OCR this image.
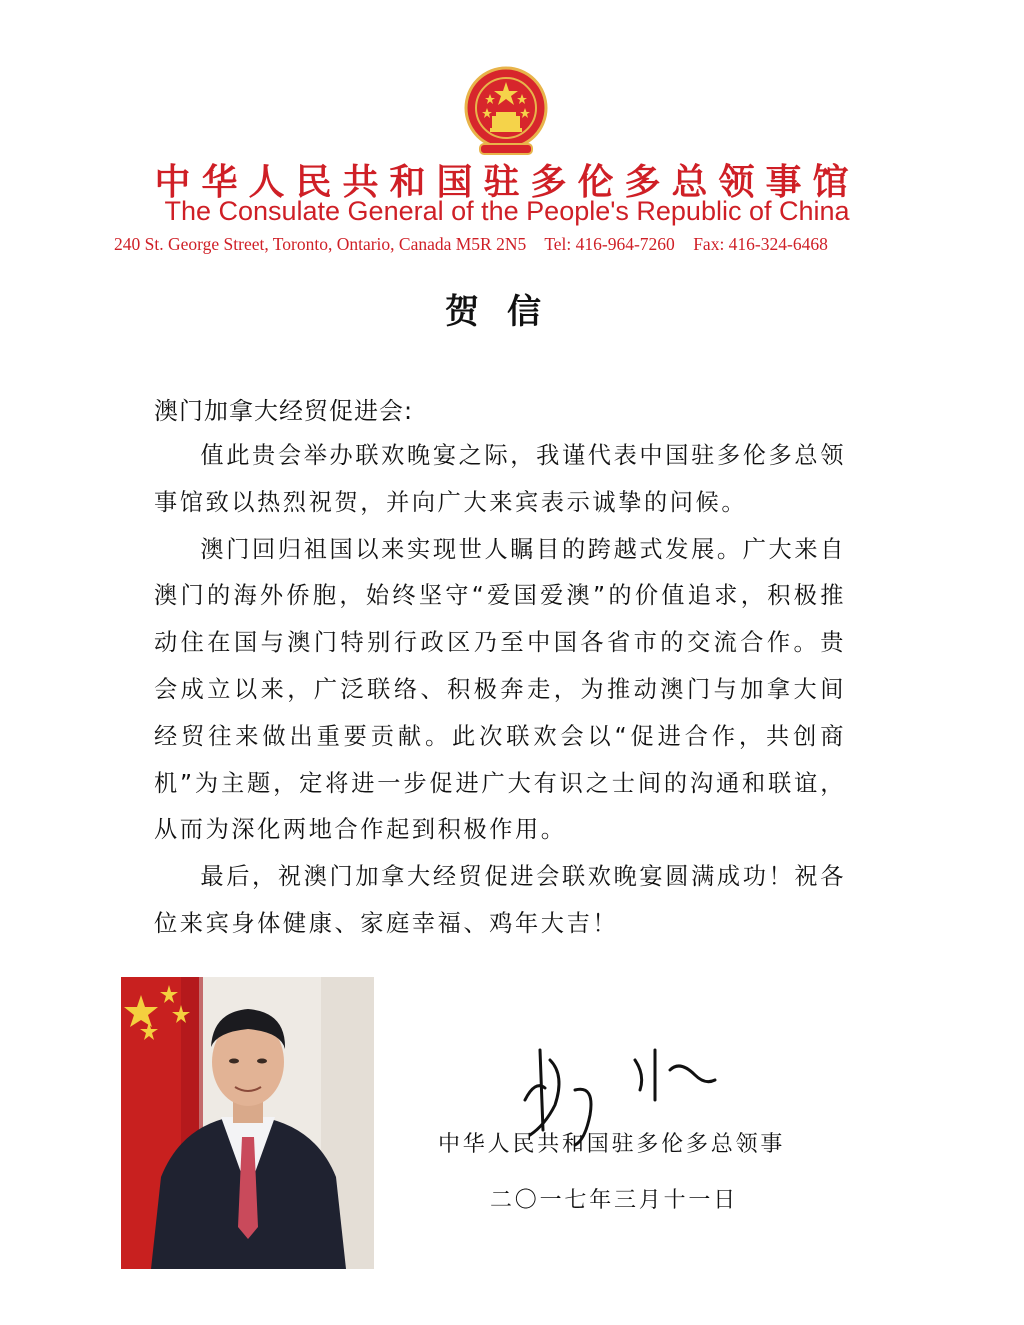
中华人民共和国驻多伦多总领事馆
The Consulate General of the People's Republic of China
240 St. George Street, Toronto, Ontario, Canada M5R 2N5 Tel: 416-964-7260 Fax: 416-324-6468
贺信
澳门加拿大经贸促进会:

值此贵会举办联欢晚宴之际，我谨代表中国驻多伦多总领事馆致以热烈祝贺，并向广大来宾表示诚挚的问候。

澳门回归祖国以来实现世人瞩目的跨越式发展。广大来自澳门的海外侨胞，始终坚守“爱国爱澳”的价值追求，积极推动住在国与澳门特别行政区乃至中国各省市的交流合作。贵会成立以来，广泛联络、积极奔走，为推动澳门与加拿大间经贸往来做出重要贡献。此次联欢会以“促进合作，共创商机”为主题，定将进一步促进广大有识之士间的沟通和联谊，从而为深化两地合作起到积极作用。

最后，祝澳门加拿大经贸促进会联欢晚宴圆满成功！祝各位来宾身体健康、家庭幸福、鸡年大吉！

中华人民共和国驻多伦多总领事
二〇一七年三月十一日
